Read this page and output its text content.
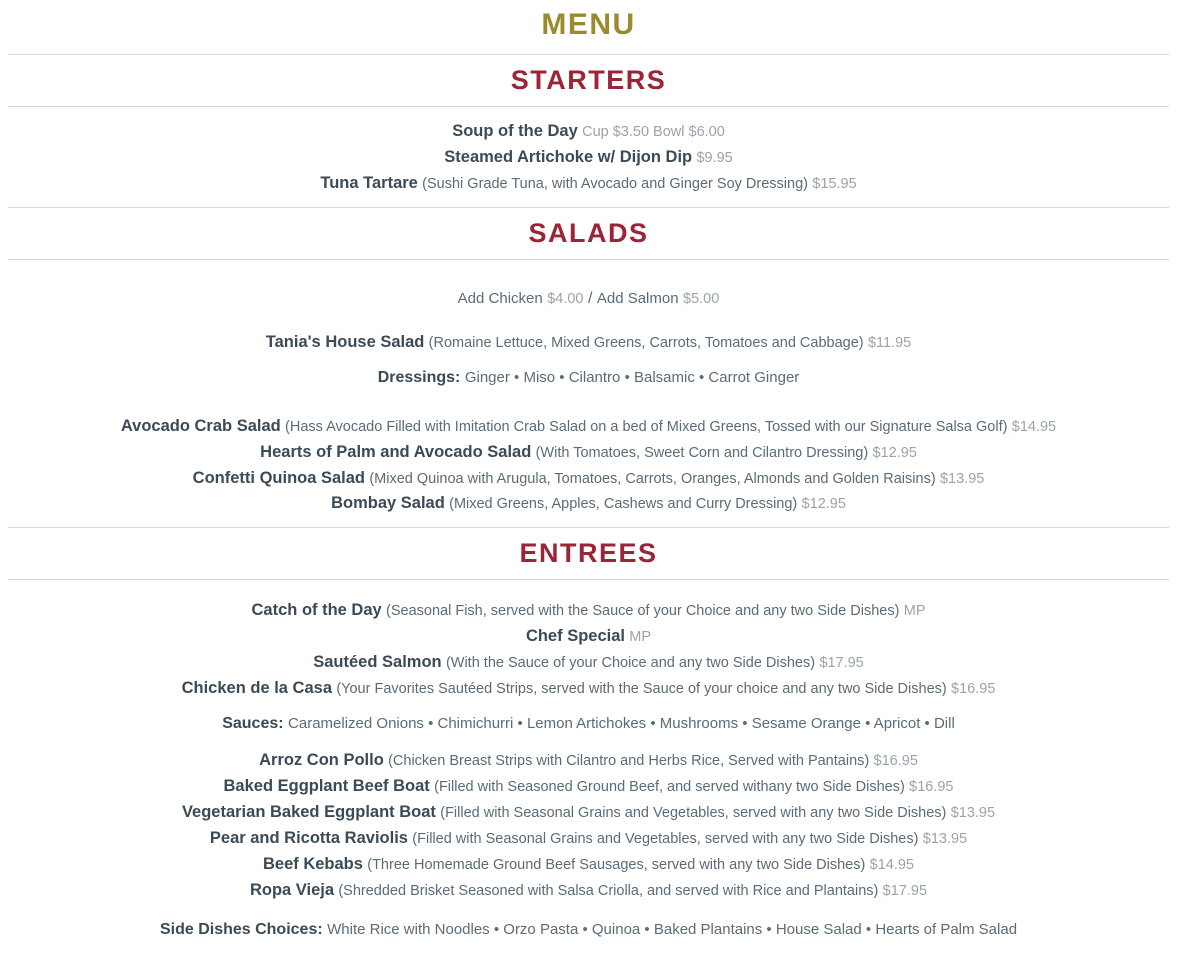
MENU
STARTERS

Soup of the Day Cup $3.50 Bowl $6.00

Steamed Artichoke w/ Dijon Dip $9.95

Tuna Tartare (Sushi Grade Tuna, with Avocado and Ginger Soy Dressing) $15.95

SALADS
Add Chicken $4.00 / Add Salmon $5.00

Tania's House Salad (Romaine Lettuce, Mixed Greens, Carrots, Tomatoes and Cabbage) $11.95

Dressings: Ginger • Miso • Cilantro • Balsamic • Carrot Ginger

Avocado Crab Salad (Hass Avocado Filled with Imitation Crab Salad on a bed of Mixed Greens, Tossed with our Signature Salsa Golf) $14.95

Hearts of Palm and Avocado Salad (With Tomatoes, Sweet Corn and Cilantro Dressing) $12.95

Confetti Quinoa Salad (Mixed Quinoa with Arugula, Tomatoes, Carrots, Oranges, Almonds and Golden Raisins) $13.95

Bombay Salad (Mixed Greens, Apples, Cashews and Curry Dressing) $12.95

ENTREES

Catch of the Day (Seasonal Fish, served with the Sauce of your Choice and any two Side Dishes) MP

Chef Special MP

Sautéed Salmon (With the Sauce of your Choice and any two Side Dishes) $17.95

Chicken de la Casa (Your Favorites Sautéed Strips, served with the Sauce of your choice and any two Side Dishes) $16.95

Sauces: Caramelized Onions • Chimichurri • Lemon Artichokes • Mushrooms • Sesame Orange • Apricot • Dill

Arroz Con Pollo (Chicken Breast Strips with Cilantro and Herbs Rice, Served with Pantains) $16.95

Baked Eggplant Beef Boat (Filled with Seasoned Ground Beef, and served withany two Side Dishes) $16.95

Vegetarian Baked Eggplant Boat (Filled with Seasonal Grains and Vegetables, served with any two Side Dishes) $13.95

Pear and Ricotta Raviolis (Filled with Seasonal Grains and Vegetables, served with any two Side Dishes) $13.95

Beef Kebabs (Three Homemade Ground Beef Sausages, served with any two Side Dishes) $14.95

Ropa Vieja (Shredded Brisket Seasoned with Salsa Criolla, and served with Rice and Plantains) $17.95

Side Dishes Choices: White Rice with Noodles • Orzo Pasta • Quinoa • Baked Plantains • House Salad • Hearts of Palm Salad
